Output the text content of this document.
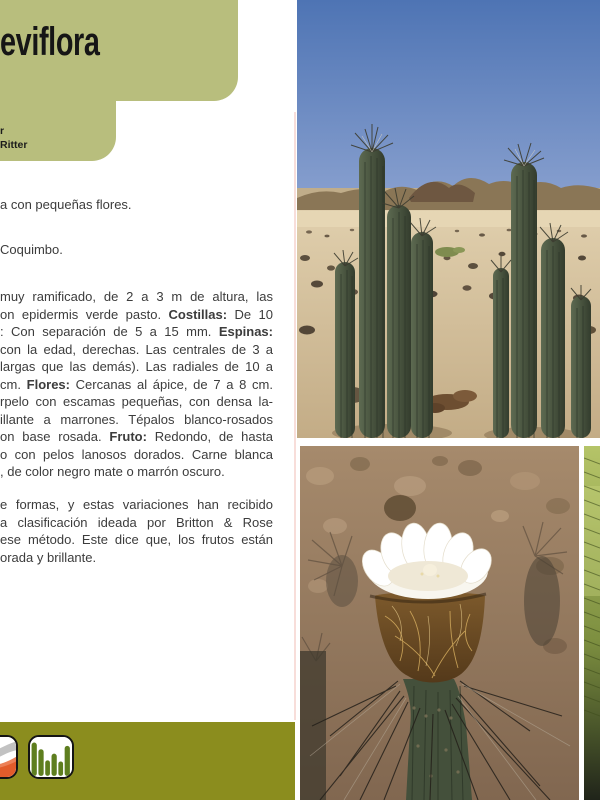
eviflora
r
Ritter
a con pequeñas flores.
Coquimbo.
muy ramificado, de 2 a 3 m de altura, las
on epidermis verde pasto. Costillas: De 10
: Con separación de 5 a 15 mm. Espinas:
con la edad, derechas. Las centrales de 3 a
largas que las demás). Las radiales de 10 a
cm. Flores: Cercanas al ápice, de 7 a 8 cm.
rpelo con escamas pequeñas, con densa la-
illante a marrones. Tépalos blanco-rosados
on base rosada. Fruto: Redondo, de hasta
o con pelos lanosos dorados. Carne blanca
, de color negro mate o marrón oscuro.
e formas, y estas variaciones han recibido
a clasificación ideada por Britton & Rose
ese método. Este dice que, los frutos están
orada y brillante.
